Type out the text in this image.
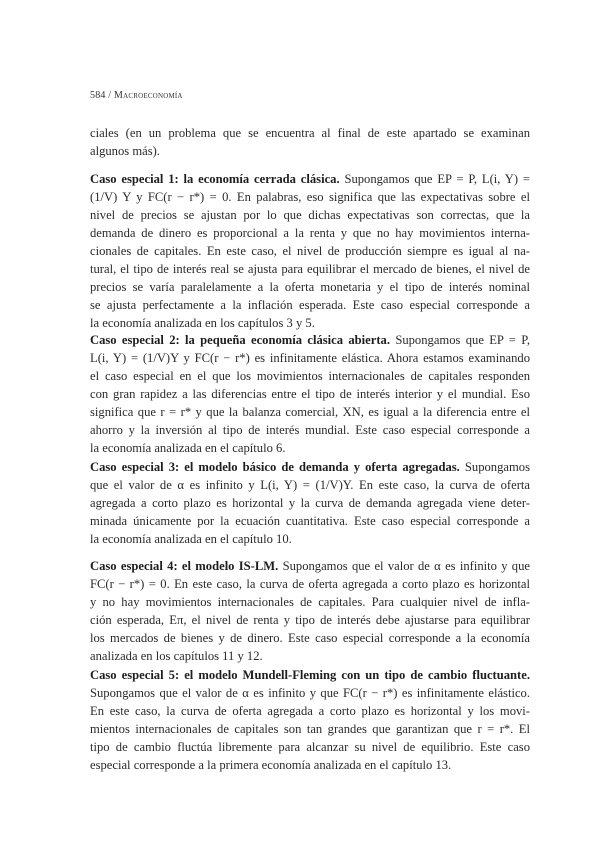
584 / Macroeconomía
ciales (en un problema que se encuentra al final de este apartado se examinan
algunos más).
Caso especial 1: la economía cerrada clásica. Supongamos que EP = P, L(i, Y) =
(1/V) Y y FC(r − r*) = 0. En palabras, eso significa que las expectativas sobre el
nivel de precios se ajustan por lo que dichas expectativas son correctas, que la
demanda de dinero es proporcional a la renta y que no hay movimientos interna-
cionales de capitales. En este caso, el nivel de producción siempre es igual al na-
tural, el tipo de interés real se ajusta para equilibrar el mercado de bienes, el nivel de
precios se varía paralelamente a la oferta monetaria y el tipo de interés nominal
se ajusta perfectamente a la inflación esperada. Este caso especial corresponde a
la economía analizada en los capítulos 3 y 5.
Caso especial 2: la pequeña economía clásica abierta. Supongamos que EP = P,
L(i, Y) = (1/V)Y y FC(r − r*) es infinitamente elástica. Ahora estamos examinando
el caso especial en el que los movimientos internacionales de capitales responden
con gran rapidez a las diferencias entre el tipo de interés interior y el mundial. Eso
significa que r = r* y que la balanza comercial, XN, es igual a la diferencia entre el
ahorro y la inversión al tipo de interés mundial. Este caso especial corresponde a
la economía analizada en el capítulo 6.
Caso especial 3: el modelo básico de demanda y oferta agregadas. Supongamos
que el valor de α es infinito y L(i, Y) = (1/V)Y. En este caso, la curva de oferta
agregada a corto plazo es horizontal y la curva de demanda agregada viene deter-
minada únicamente por la ecuación cuantitativa. Este caso especial corresponde a
la economía analizada en el capítulo 10.
Caso especial 4: el modelo IS-LM. Supongamos que el valor de α es infinito y que
FC(r − r*) = 0. En este caso, la curva de oferta agregada a corto plazo es horizontal
y no hay movimientos internacionales de capitales. Para cualquier nivel de infla-
ción esperada, Eπ, el nivel de renta y tipo de interés debe ajustarse para equilibrar
los mercados de bienes y de dinero. Este caso especial corresponde a la economía
analizada en los capítulos 11 y 12.
Caso especial 5: el modelo Mundell-Fleming con un tipo de cambio fluctuante.
Supongamos que el valor de α es infinito y que FC(r − r*) es infinitamente elástico.
En este caso, la curva de oferta agregada a corto plazo es horizontal y los movi-
mientos internacionales de capitales son tan grandes que garantizan que r = r*. El
tipo de cambio fluctúa libremente para alcanzar su nivel de equilibrio. Este caso
especial corresponde a la primera economía analizada en el capítulo 13.
